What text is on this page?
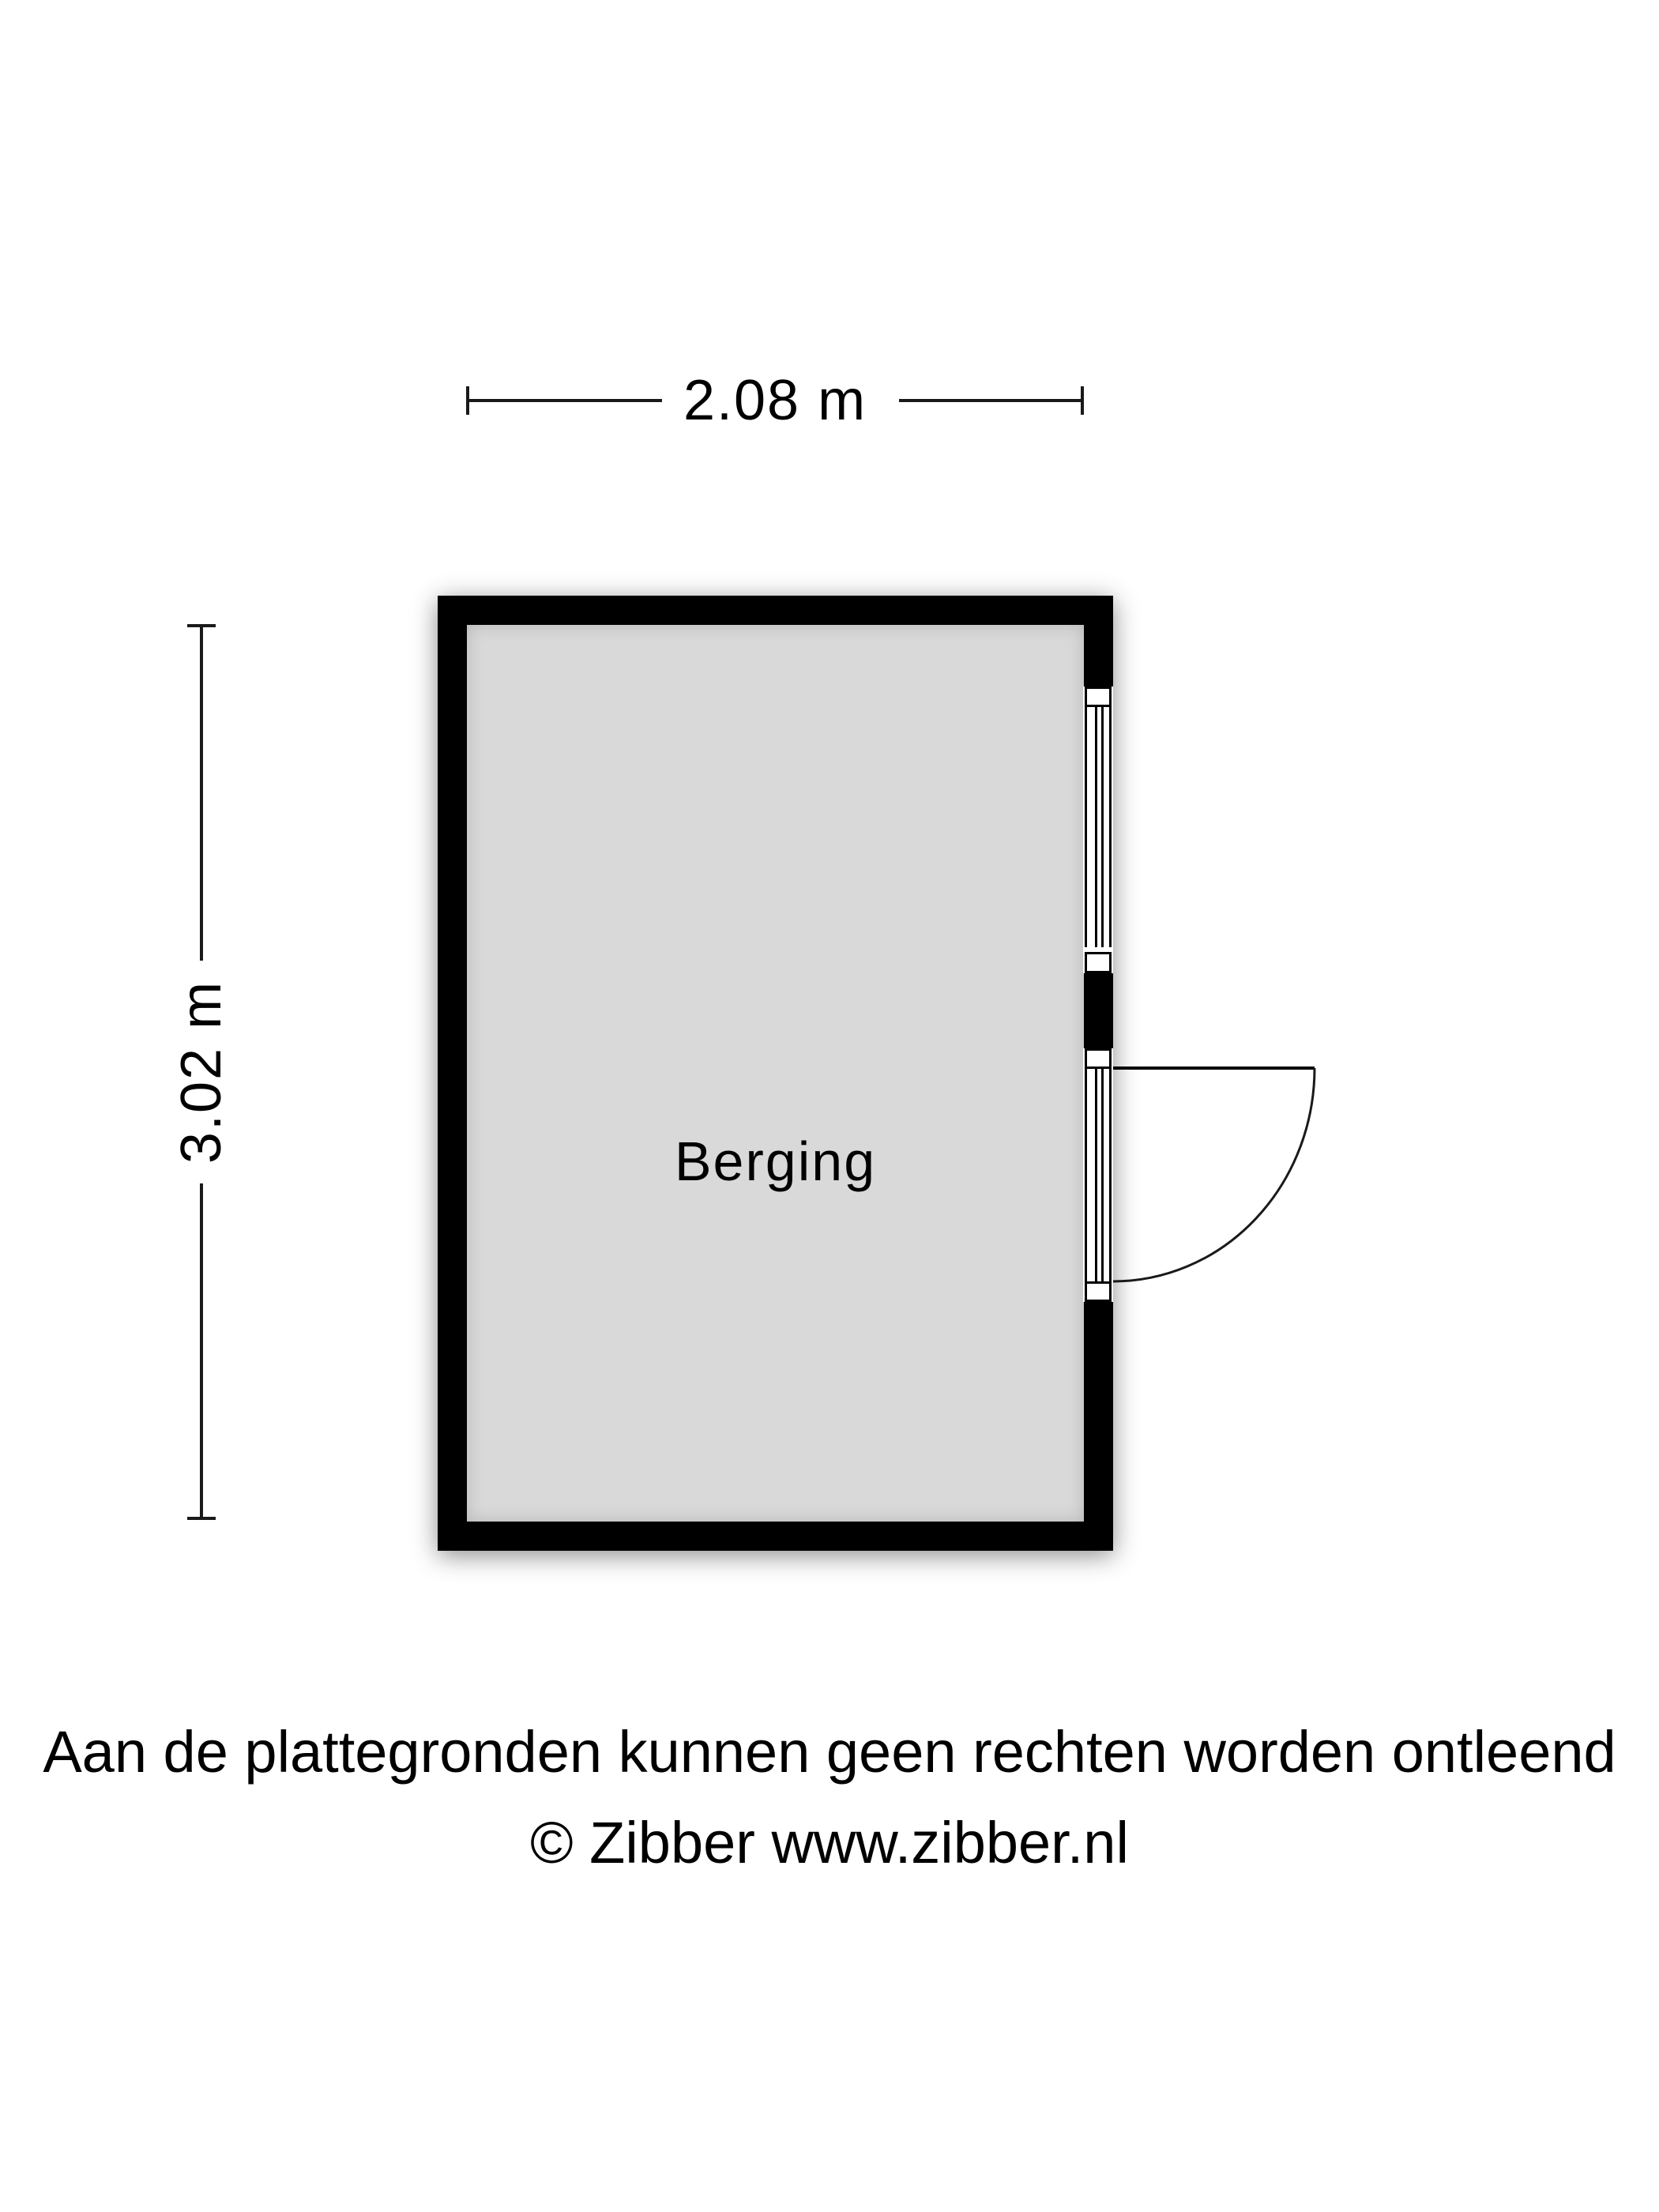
2.08 m
3.02 m	Berging
Aan de plattegronden kunnen geen rechten worden ontleend
© Zibber www.zibber.nl
